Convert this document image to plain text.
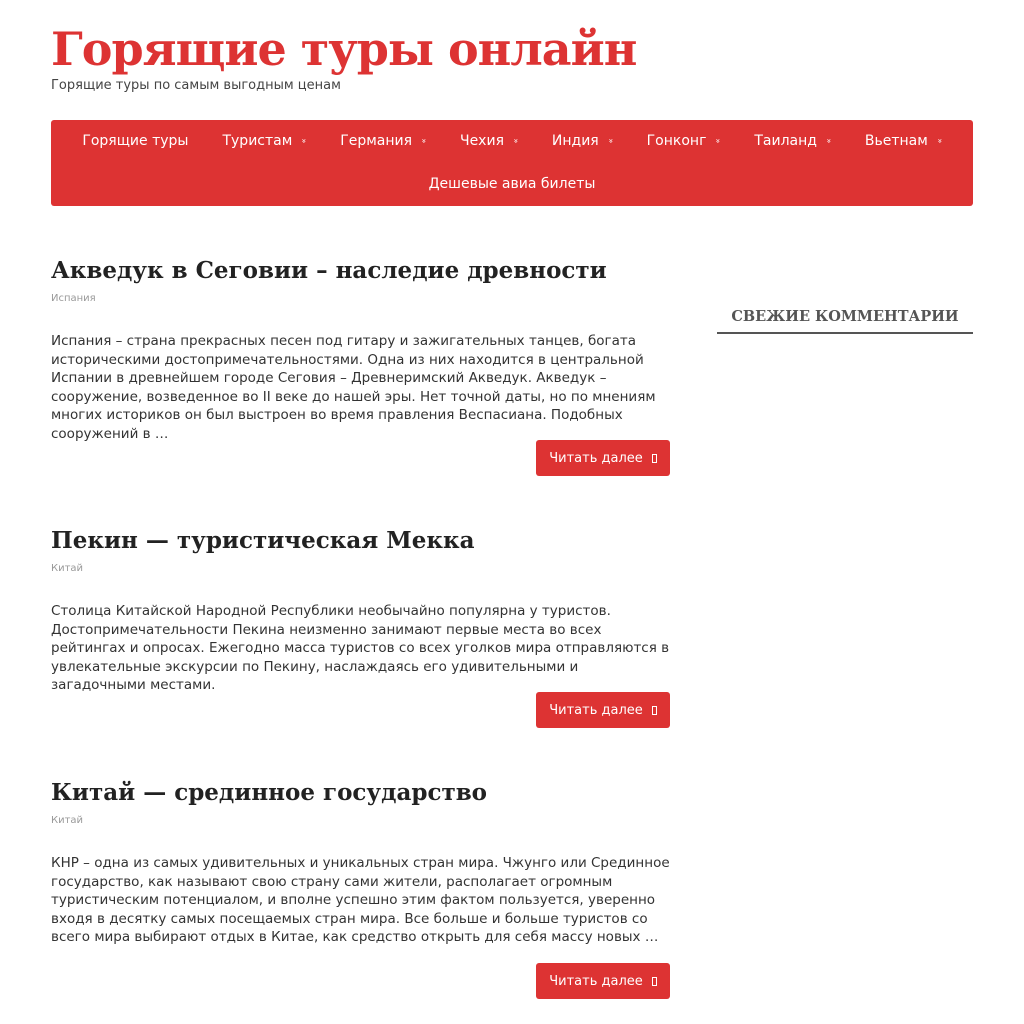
Горящие туры онлайн
Горящие туры по самым выгодным ценам
Горящие туры Туристам » Германия » Чехия » Индия » Гонконг » Таиланд » Вьетнам »
Дешевые авиа билеты
Акведук в Сеговии – наследие древности
Испания
Испания – страна прекрасных песен под гитару и зажигательных танцев, богата историческими достопримечательностями. Одна из них находится в центральной Испании в древнейшем городе Сеговия – Древнеримский Акведук. Акведук – сооружение, возведенное во II веке до нашей эры. Нет точной даты, но по мнениям многих историков он был выстроен во время правления Веспасиана. Подобных сооружений в …
Читать далее
Пекин — туристическая Мекка
Китай
Столица Китайской Народной Республики необычайно популярна у туристов. Достопримечательности Пекина неизменно занимают первые места во всех рейтингах и опросах. Ежегодно масса туристов со всех уголков мира отправляются в увлекательные экскурсии по Пекину, наслаждаясь его удивительными и загадочными местами.
Читать далее
Китай — срединное государство
Китай
КНР – одна из самых удивительных и уникальных стран мира. Чжунго или Срединное государство, как называют свою страну сами жители, располагает огромным туристическим потенциалом, и вполне успешно этим фактом пользуется, уверенно входя в десятку самых посещаемых стран мира. Все больше и больше туристов со всего мира выбирают отдых в Китае, как средство открыть для себя массу новых …
Читать далее
СВЕЖИЕ КОММЕНТАРИИ
